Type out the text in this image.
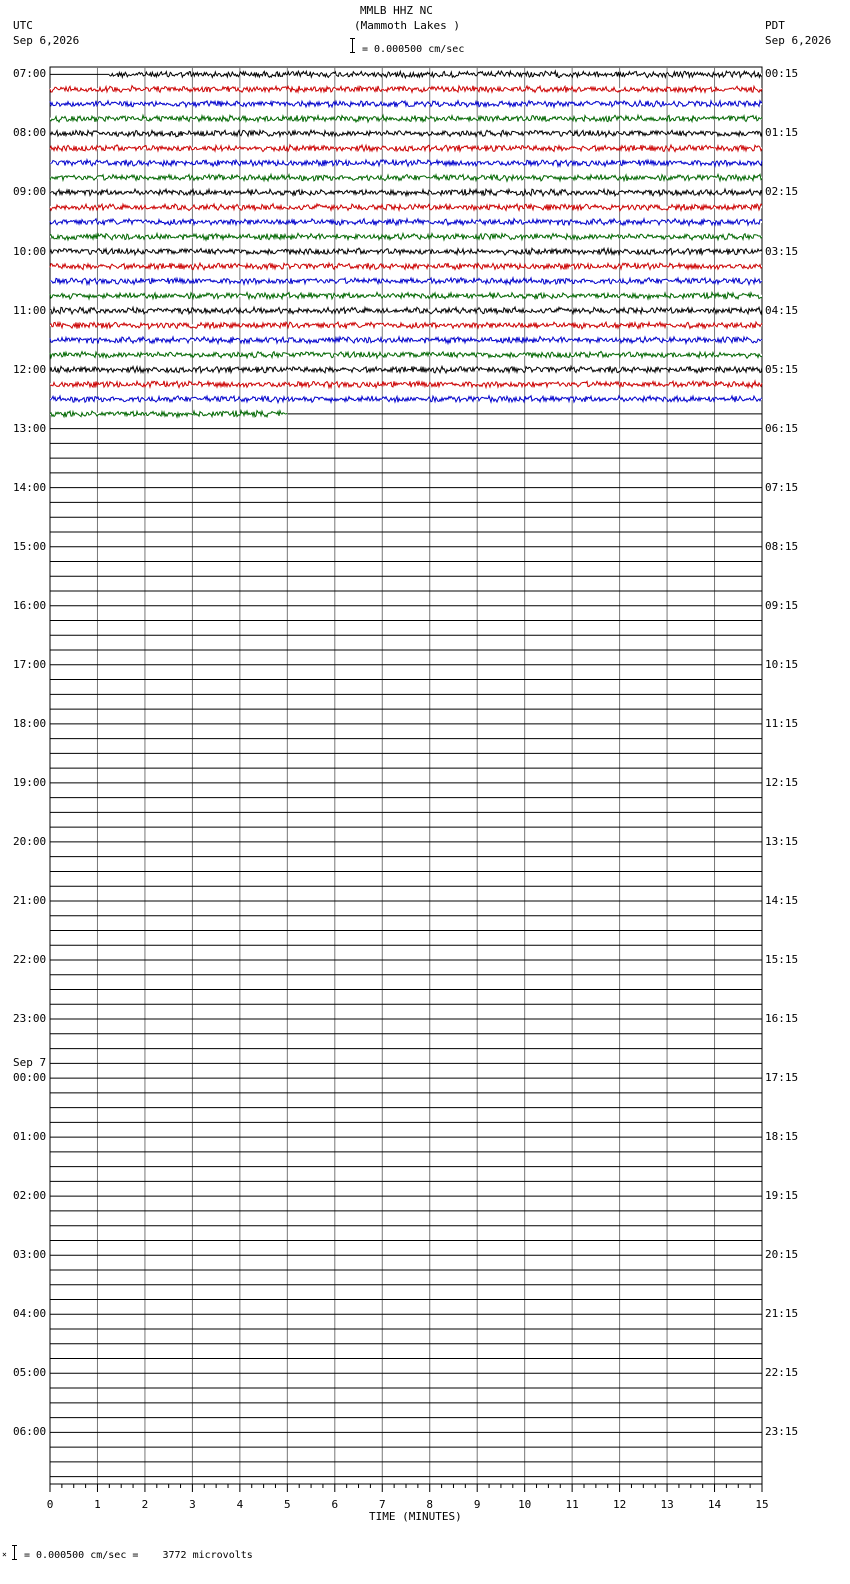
MMLB HHZ NC
(Mammoth Lakes )
= 0.000500 cm/sec
UTC
Sep 6,2026
PDT
Sep 6,2026
07:00
08:00
09:00
10:00
11:00
12:00
13:00
14:00
15:00
16:00
17:00
18:00
19:00
20:00
21:00
22:00
23:00
00:00
01:00
02:00
03:00
04:00
05:00
06:00
00:15
01:15
02:15
03:15
04:15
05:15
06:15
07:15
08:15
09:15
10:15
11:15
12:15
13:15
14:15
15:15
16:15
17:15
18:15
19:15
20:15
21:15
22:15
23:15
Sep 7
0	1	2	3	4	5	6	7	8	9	10	11	12	13	14	15
TIME (MINUTES)
× = 0.000500 cm/sec =    3772 microvolts
